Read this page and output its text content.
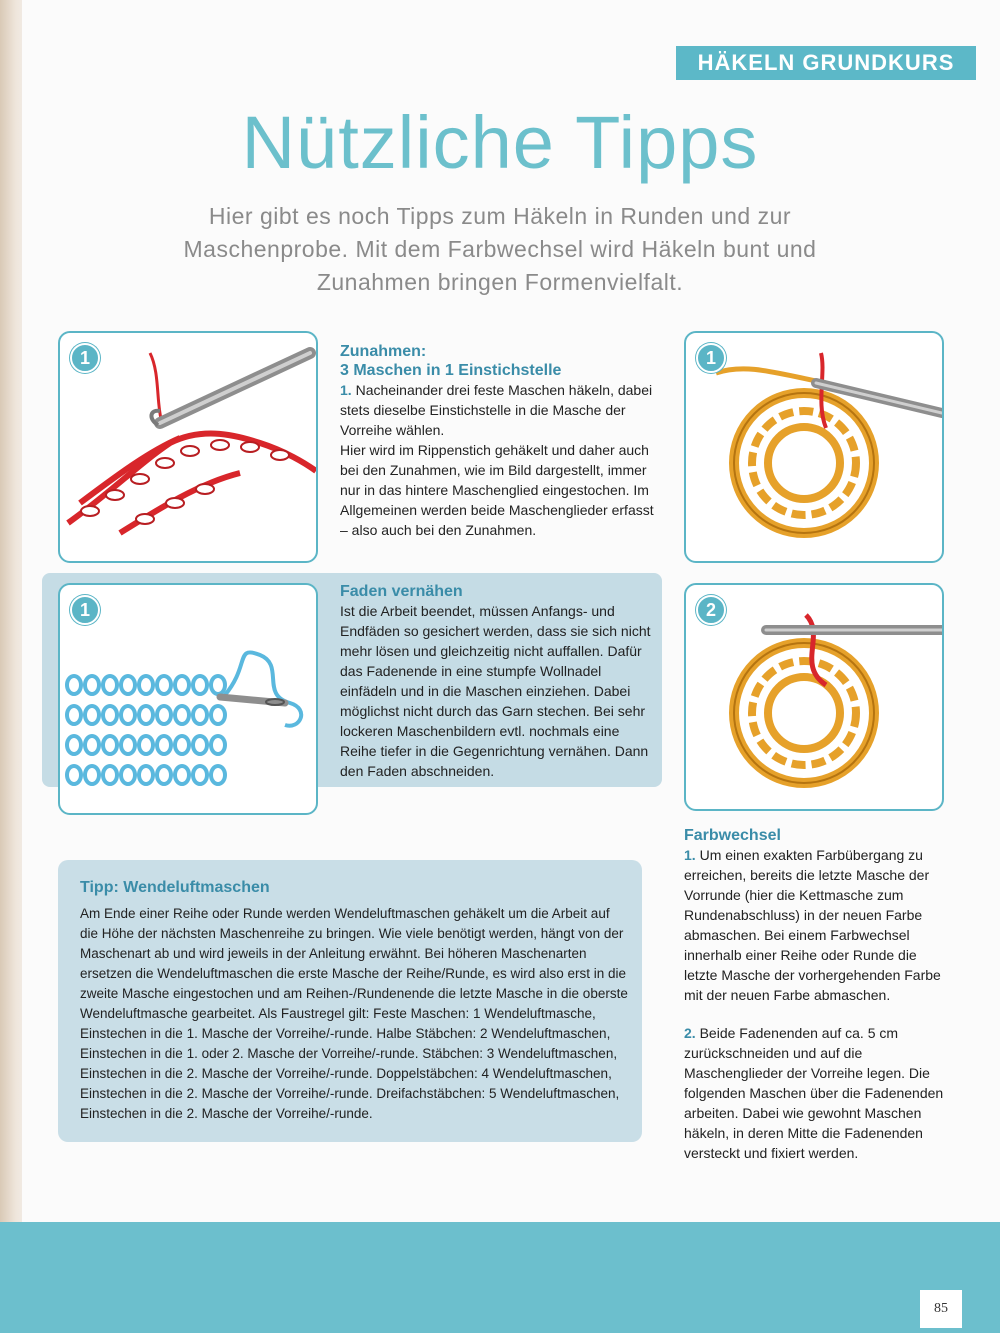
HÄKELN GRUNDKURS
Nützliche Tipps
Hier gibt es noch Tipps zum Häkeln in Runden und zur Maschenprobe. Mit dem Farbwechsel wird Häkeln bunt und Zunahmen bringen Formenvielfalt.
1	Zunahmen:
3 Maschen in 1 Einstichstelle
1. Nacheinander drei feste Maschen häkeln, dabei stets dieselbe Einstichstelle in die Masche der Vorreihe wählen.
Hier wird im Rippenstich gehäkelt und daher auch bei den Zunahmen, wie im Bild dargestellt, immer nur in das hintere Maschenglied eingestochen. Im Allgemeinen werden beide Maschenglieder erfasst – also auch bei den Zunahmen.
1
Faden vernähen
Ist die Arbeit beendet, müssen Anfangs- und Endfäden so gesichert werden, dass sie sich nicht mehr lösen und gleichzeitig nicht auffallen. Dafür das Fadenende in eine stumpfe Wollnadel einfädeln und in die Maschen einziehen. Dabei möglichst nicht durch das Garn stechen. Bei sehr lockeren Maschenbildern evtl. nochmals eine Reihe tiefer in die Gegenrichtung vernähen. Dann den Faden abschneiden.
1
2
Farbwechsel
1. Um einen exakten Farbübergang zu erreichen, bereits die letzte Masche der Vorrunde (hier die Kettmasche zum Rundenabschluss) in der neuen Farbe abmaschen. Bei einem Farbwechsel innerhalb einer Reihe oder Runde die letzte Masche der vorhergehenden Farbe mit der neuen Farbe abmaschen.
2. Beide Fadenenden auf ca. 5 cm zurückschneiden und auf die Maschenglieder der Vorreihe legen. Die folgenden Maschen über die Fadenenden arbeiten. Dabei wie gewohnt Maschen häkeln, in deren Mitte die Fadenenden versteckt und fixiert werden.
Tipp: Wendeluftmaschen
Am Ende einer Reihe oder Runde werden Wendeluftmaschen gehäkelt um die Arbeit auf die Höhe der nächsten Maschenreihe zu bringen. Wie viele benötigt werden, hängt von der Maschenart ab und wird jeweils in der Anleitung erwähnt. Bei höheren Maschenarten ersetzen die Wendeluftmaschen die erste Masche der Reihe/Runde, es wird also erst in die zweite Masche eingestochen und am Reihen-/Rundenende die letzte Masche in die oberste Wendeluftmasche gearbeitet. Als Faustregel gilt: Feste Maschen: 1 Wendeluftmasche, Einstechen in die 1. Masche der Vorreihe/-runde. Halbe Stäbchen: 2 Wendeluftmaschen, Einstechen in die 1. oder 2. Masche der Vorreihe/-runde. Stäbchen: 3 Wendeluftmaschen, Einstechen in die 2. Masche der Vorreihe/-runde. Doppelstäbchen: 4 Wendeluftmaschen, Einstechen in die 2. Masche der Vorreihe/-runde. Dreifachstäbchen: 5 Wendeluftmaschen, Einstechen in die 2. Masche der Vorreihe/-runde.
85
